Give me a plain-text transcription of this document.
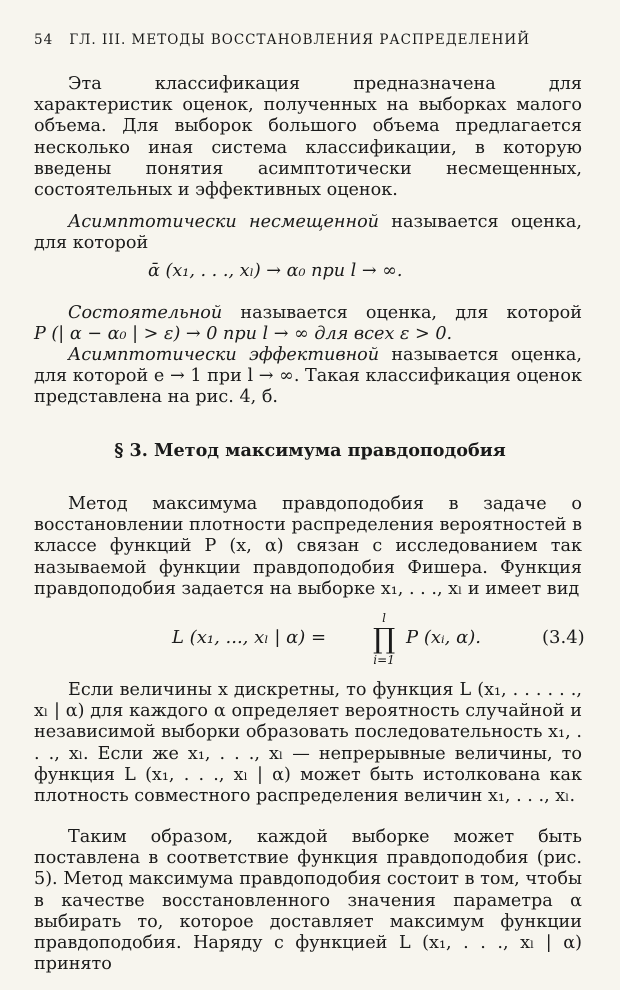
54 ГЛ. III. МЕТОДЫ ВОССТАНОВЛЕНИЯ РАСПРЕДЕЛЕНИЙ

Эта классификация предназначена для характеристик оценок, полученных на выборках малого объема. Для выборок большого объема предлагается несколько иная система классификации, в которую введены понятия асимптотически несмещенных, состоятельных и эффективных оценок.

Асимптотически несмещенной называется оценка, для которой

ᾱ (x₁, . . ., xₗ) → α₀ при l → ∞.

Состоятельной называется оценка, для которой

P (| α − α₀ | > ε) → 0 при l → ∞ для всех ε > 0.

Асимптотически эффективной называется оценка, для которой e → 1 при l → ∞. Такая классификация оценок представлена на рис. 4, б.

§ 3. Метод максимума правдоподобия

Метод максимума правдоподобия в задаче о восстановлении плотности распределения вероятностей в классе функций P (x, α) связан с исследованием так называемой функции правдоподобия Фишера. Функция правдоподобия задается на выборке x₁, . . ., xₗ и имеет вид

L (x₁, ..., xₗ | α) =
l
∏
i=1
P (xᵢ, α).	(3.4)

Если величины x дискретны, то функция L (x₁, . . . . . ., xₗ | α) для каждого α определяет вероятность случайной и независимой выборки образовать последовательность x₁, . . ., xₗ. Если же x₁, . . ., xₗ — непрерывные величины, то функция L (x₁, . . ., xₗ | α) может быть истолкована как плотность совместного распределения величин x₁, . . ., xₗ.

Таким образом, каждой выборке может быть поставлена в соответствие функция правдоподобия (рис. 5). Метод максимума правдоподобия состоит в том, чтобы в качестве восстановленного значения параметра α выбирать то, которое доставляет максимум функции правдоподобия. Наряду с функцией L (x₁, . . ., xₗ | α) принято
